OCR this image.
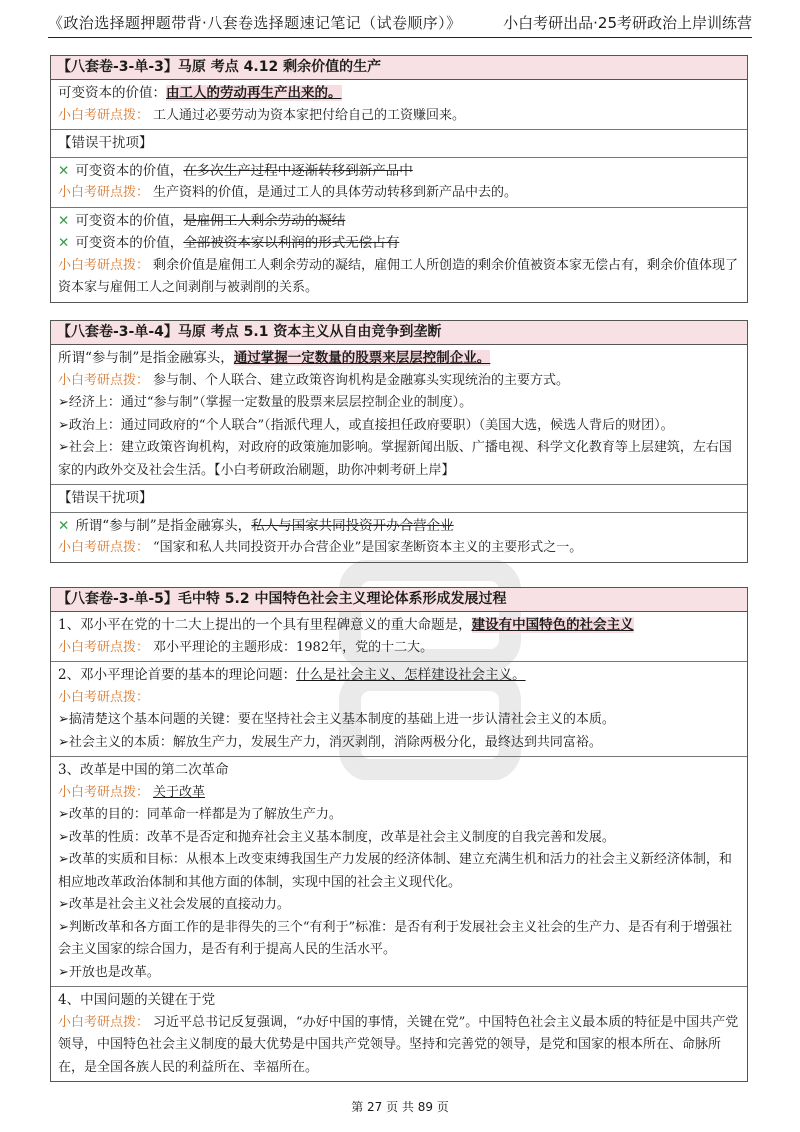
《政治选择题押题带背·八套卷选择题速记笔记（试卷顺序）》	小白考研出品·25考研政治上岸训练营
【八套卷-3-单-3】马原 考点 4.12 剩余价值的生产
可变资本的价值：由工人的劳动再生产出来的。
小白考研点拨： 工人通过必要劳动为资本家把付给自己的工资赚回来。
【错误干扰项】
✕ 可变资本的价值，在多次生产过程中逐渐转移到新产品中
小白考研点拨： 生产资料的价值，是通过工人的具体劳动转移到新产品中去的。
✕ 可变资本的价值，是雇佣工人剩余劳动的凝结
✕ 可变资本的价值，全部被资本家以利润的形式无偿占有
小白考研点拨： 剩余价值是雇佣工人剩余劳动的凝结，雇佣工人所创造的剩余价值被资本家无偿占有，剩余价值体现了资本家与雇佣工人之间剥削与被剥削的关系。
【八套卷-3-单-4】马原 考点 5.1 资本主义从自由竞争到垄断
所谓“参与制”是指金融寡头，通过掌握一定数量的股票来层层控制企业。
小白考研点拨： 参与制、个人联合、建立政策咨询机构是金融寡头实现统治的主要方式。
➢经济上：通过“参与制”（掌握一定数量的股票来层层控制企业的制度）。
➢政治上：通过同政府的“个人联合”（指派代理人，或直接担任政府要职）（美国大选，候选人背后的财团）。
➢社会上：建立政策咨询机构，对政府的政策施加影响。掌握新闻出版、广播电视、科学文化教育等上层建筑，左右国家的内政外交及社会生活。【小白考研政治刷题，助你冲刺考研上岸】
【错误干扰项】
✕ 所谓“参与制”是指金融寡头，私人与国家共同投资开办合营企业
小白考研点拨： “国家和私人共同投资开办合营企业”是国家垄断资本主义的主要形式之一。
【八套卷-3-单-5】毛中特 5.2 中国特色社会主义理论体系形成发展过程
1、邓小平在党的十二大上提出的一个具有里程碑意义的重大命题是，建设有中国特色的社会主义
小白考研点拨： 邓小平理论的主题形成：1982年，党的十二大。
2、邓小平理论首要的基本的理论问题：什么是社会主义、怎样建设社会主义。
小白考研点拨：
➢搞清楚这个基本问题的关键：要在坚持社会主义基本制度的基础上进一步认清社会主义的本质。
➢社会主义的本质：解放生产力，发展生产力，消灭剥削，消除两极分化，最终达到共同富裕。
3、改革是中国的第二次革命
小白考研点拨： 关于改革
➢改革的目的：同革命一样都是为了解放生产力。
➢改革的性质：改革不是否定和抛弃社会主义基本制度，改革是社会主义制度的自我完善和发展。
➢改革的实质和目标：从根本上改变束缚我国生产力发展的经济体制、建立充满生机和活力的社会主义新经济体制，和相应地改革政治体制和其他方面的体制，实现中国的社会主义现代化。
➢改革是社会主义社会发展的直接动力。
➢判断改革和各方面工作的是非得失的三个“有利于”标准：是否有利于发展社会主义社会的生产力、是否有利于增强社会主义国家的综合国力，是否有利于提高人民的生活水平。
➢开放也是改革。
4、中国问题的关键在于党
小白考研点拨： 习近平总书记反复强调，“办好中国的事情，关键在党”。中国特色社会主义最本质的特征是中国共产党领导，中国特色社会主义制度的最大优势是中国共产党领导。坚持和完善党的领导，是党和国家的根本所在、命脉所在，是全国各族人民的利益所在、幸福所在。
第 27 页 共 89 页
